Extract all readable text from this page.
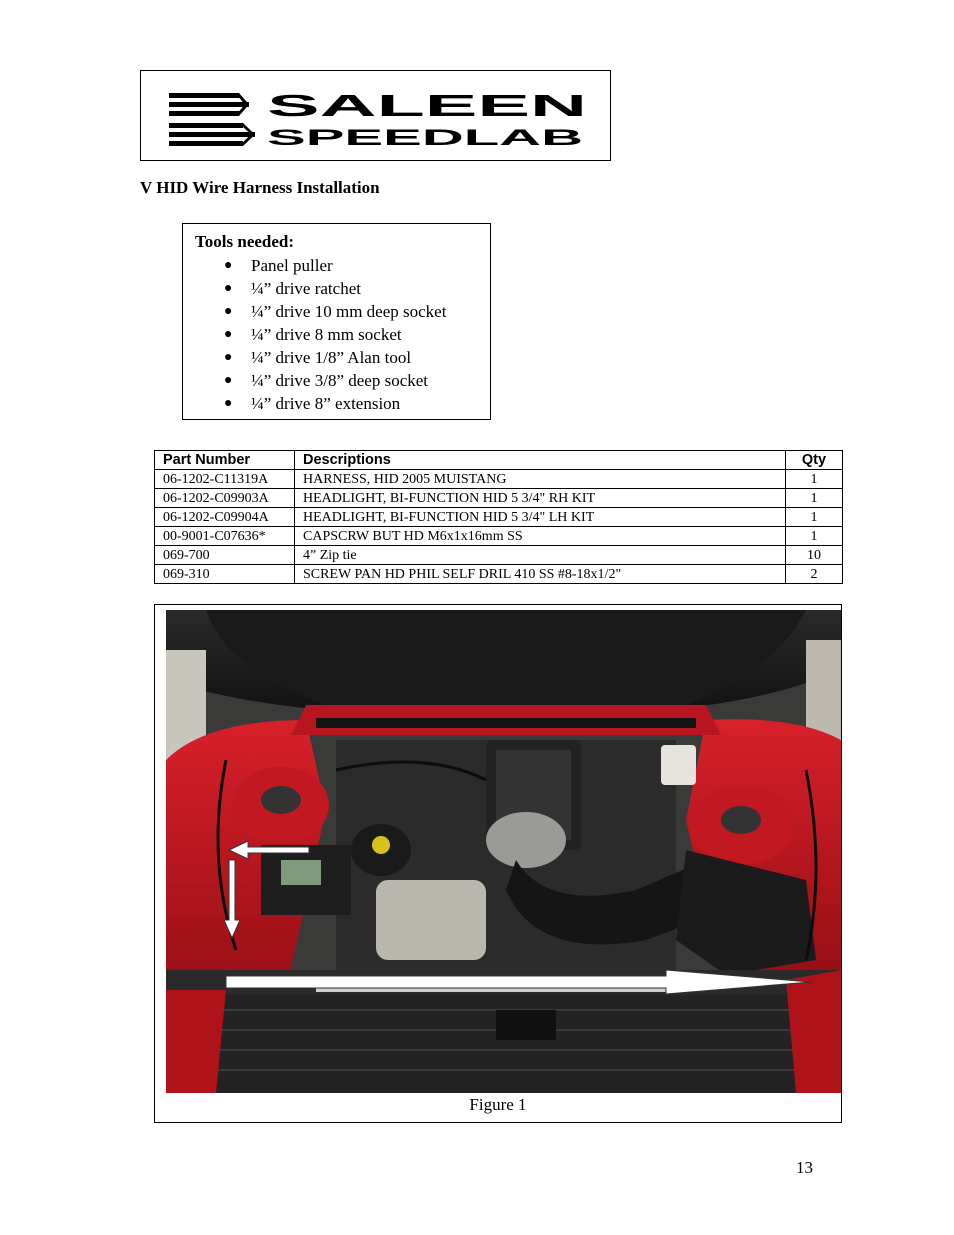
SALEEN
SPEEDLAB
V HID Wire Harness Installation
Tools needed:
● Panel puller
● ¼” drive ratchet
● ¼” drive 10 mm deep socket
● ¼” drive 8 mm socket
● ¼” drive 1/8” Alan tool
● ¼” drive 3/8” deep socket
● ¼” drive 8” extension
Part Number	Descriptions	Qty
06-1202-C11319A	HARNESS, HID 2005 MUISTANG	1
06-1202-C09903A	HEADLIGHT, BI-FUNCTION HID 5 3/4" RH KIT	1
06-1202-C09904A	HEADLIGHT, BI-FUNCTION HID 5 3/4" LH KIT	1
00-9001-C07636*	CAPSCRW BUT HD M6x1x16mm SS	1
069-700	4” Zip tie	10
069-310	SCREW PAN HD PHIL SELF DRIL 410 SS #8-18x1/2"	2
Figure 1
13
